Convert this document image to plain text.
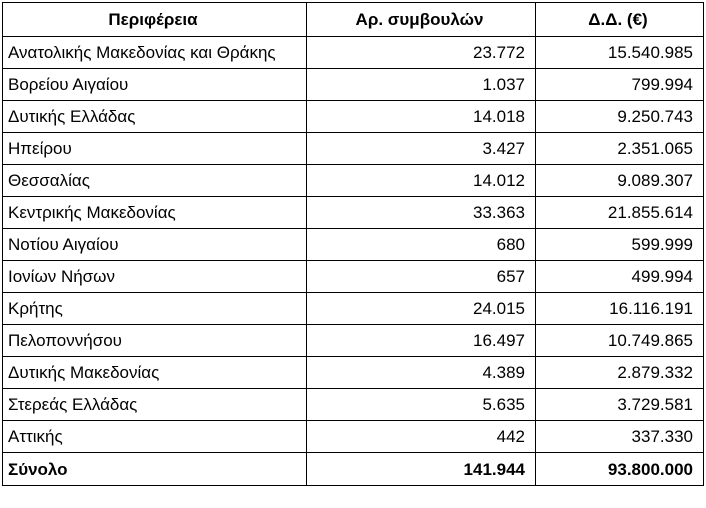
Περιφέρεια	Αρ. συμβουλών	Δ.Δ. (€)
Ανατολικής Μακεδονίας και Θράκης	23.772	15.540.985
Βορείου Αιγαίου	1.037	799.994
Δυτικής Ελλάδας	14.018	9.250.743
Ηπείρου	3.427	2.351.065
Θεσσαλίας	14.012	9.089.307
Κεντρικής Μακεδονίας	33.363	21.855.614
Νοτίου Αιγαίου	680	599.999
Ιονίων Νήσων	657	499.994
Κρήτης	24.015	16.116.191
Πελοποννήσου	16.497	10.749.865
Δυτικής Μακεδονίας	4.389	2.879.332
Στερεάς Ελλάδας	5.635	3.729.581
Αττικής	442	337.330
Σύνολο	141.944	93.800.000
